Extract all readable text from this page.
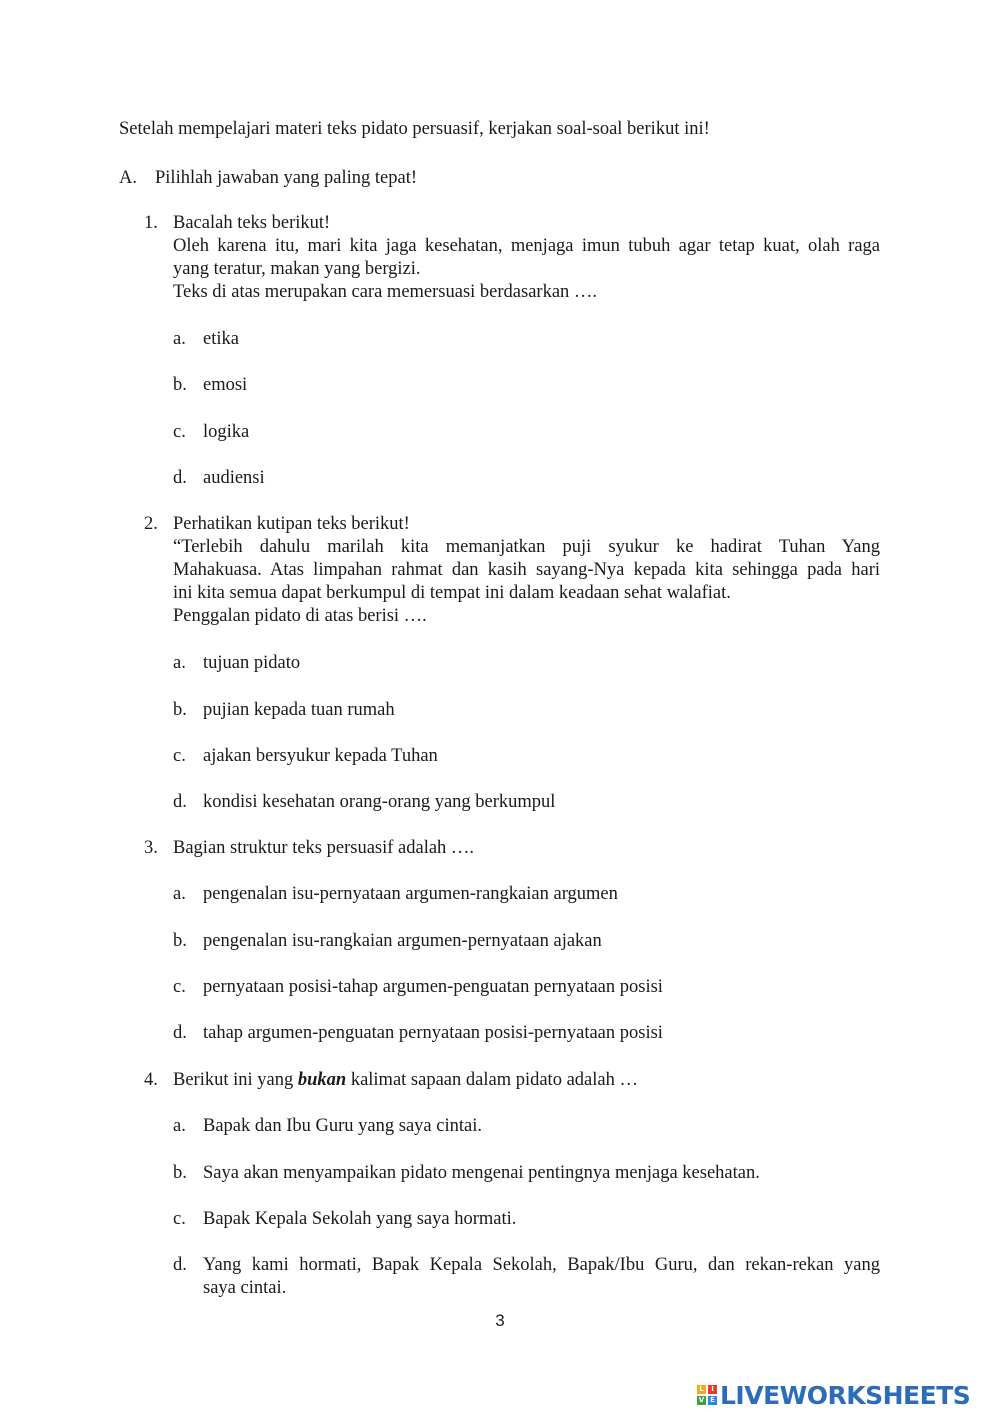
Setelah mempelajari materi teks pidato persuasif, kerjakan soal-soal berikut ini!

A. Pilihlah jawaban yang paling tepat!
1. Bacalah teks berikut!

Oleh karena itu, mari kita jaga kesehatan, menjaga imun tubuh agar tetap kuat, olah raga

yang teratur, makan yang bergizi.

Teks di atas merupakan cara memersuasi berdasarkan ….

a. etika
b. emosi
c. logika
d. audiensi
2. Perhatikan kutipan teks berikut!

“Terlebih dahulu marilah kita memanjatkan puji syukur ke hadirat Tuhan Yang

Mahakuasa. Atas limpahan rahmat dan kasih sayang-Nya kepada kita sehingga pada hari

ini kita semua dapat berkumpul di tempat ini dalam keadaan sehat walafiat.

Penggalan pidato di atas berisi ….

a. tujuan pidato
b. pujian kepada tuan rumah
c. ajakan bersyukur kepada Tuhan
d. kondisi kesehatan orang-orang yang berkumpul
3. Bagian struktur teks persuasif adalah ….
a. pengenalan isu-pernyataan argumen-rangkaian argumen
b. pengenalan isu-rangkaian argumen-pernyataan ajakan
c. pernyataan posisi-tahap argumen-penguatan pernyataan posisi
d. tahap argumen-penguatan pernyataan posisi-pernyataan posisi
4. Berikut ini yang bukan kalimat sapaan dalam pidato adalah …
a. Bapak dan Ibu Guru yang saya cintai.
b. Saya akan menyampaikan pidato mengenai pentingnya menjaga kesehatan.
c. Bapak Kepala Sekolah yang saya hormati.
d. Yang kami hormati, Bapak Kepala Sekolah, Bapak/Ibu Guru, dan rekan-rekan yang
saya cintai.
3
L	I
V E LIVEWORKSHEETS
